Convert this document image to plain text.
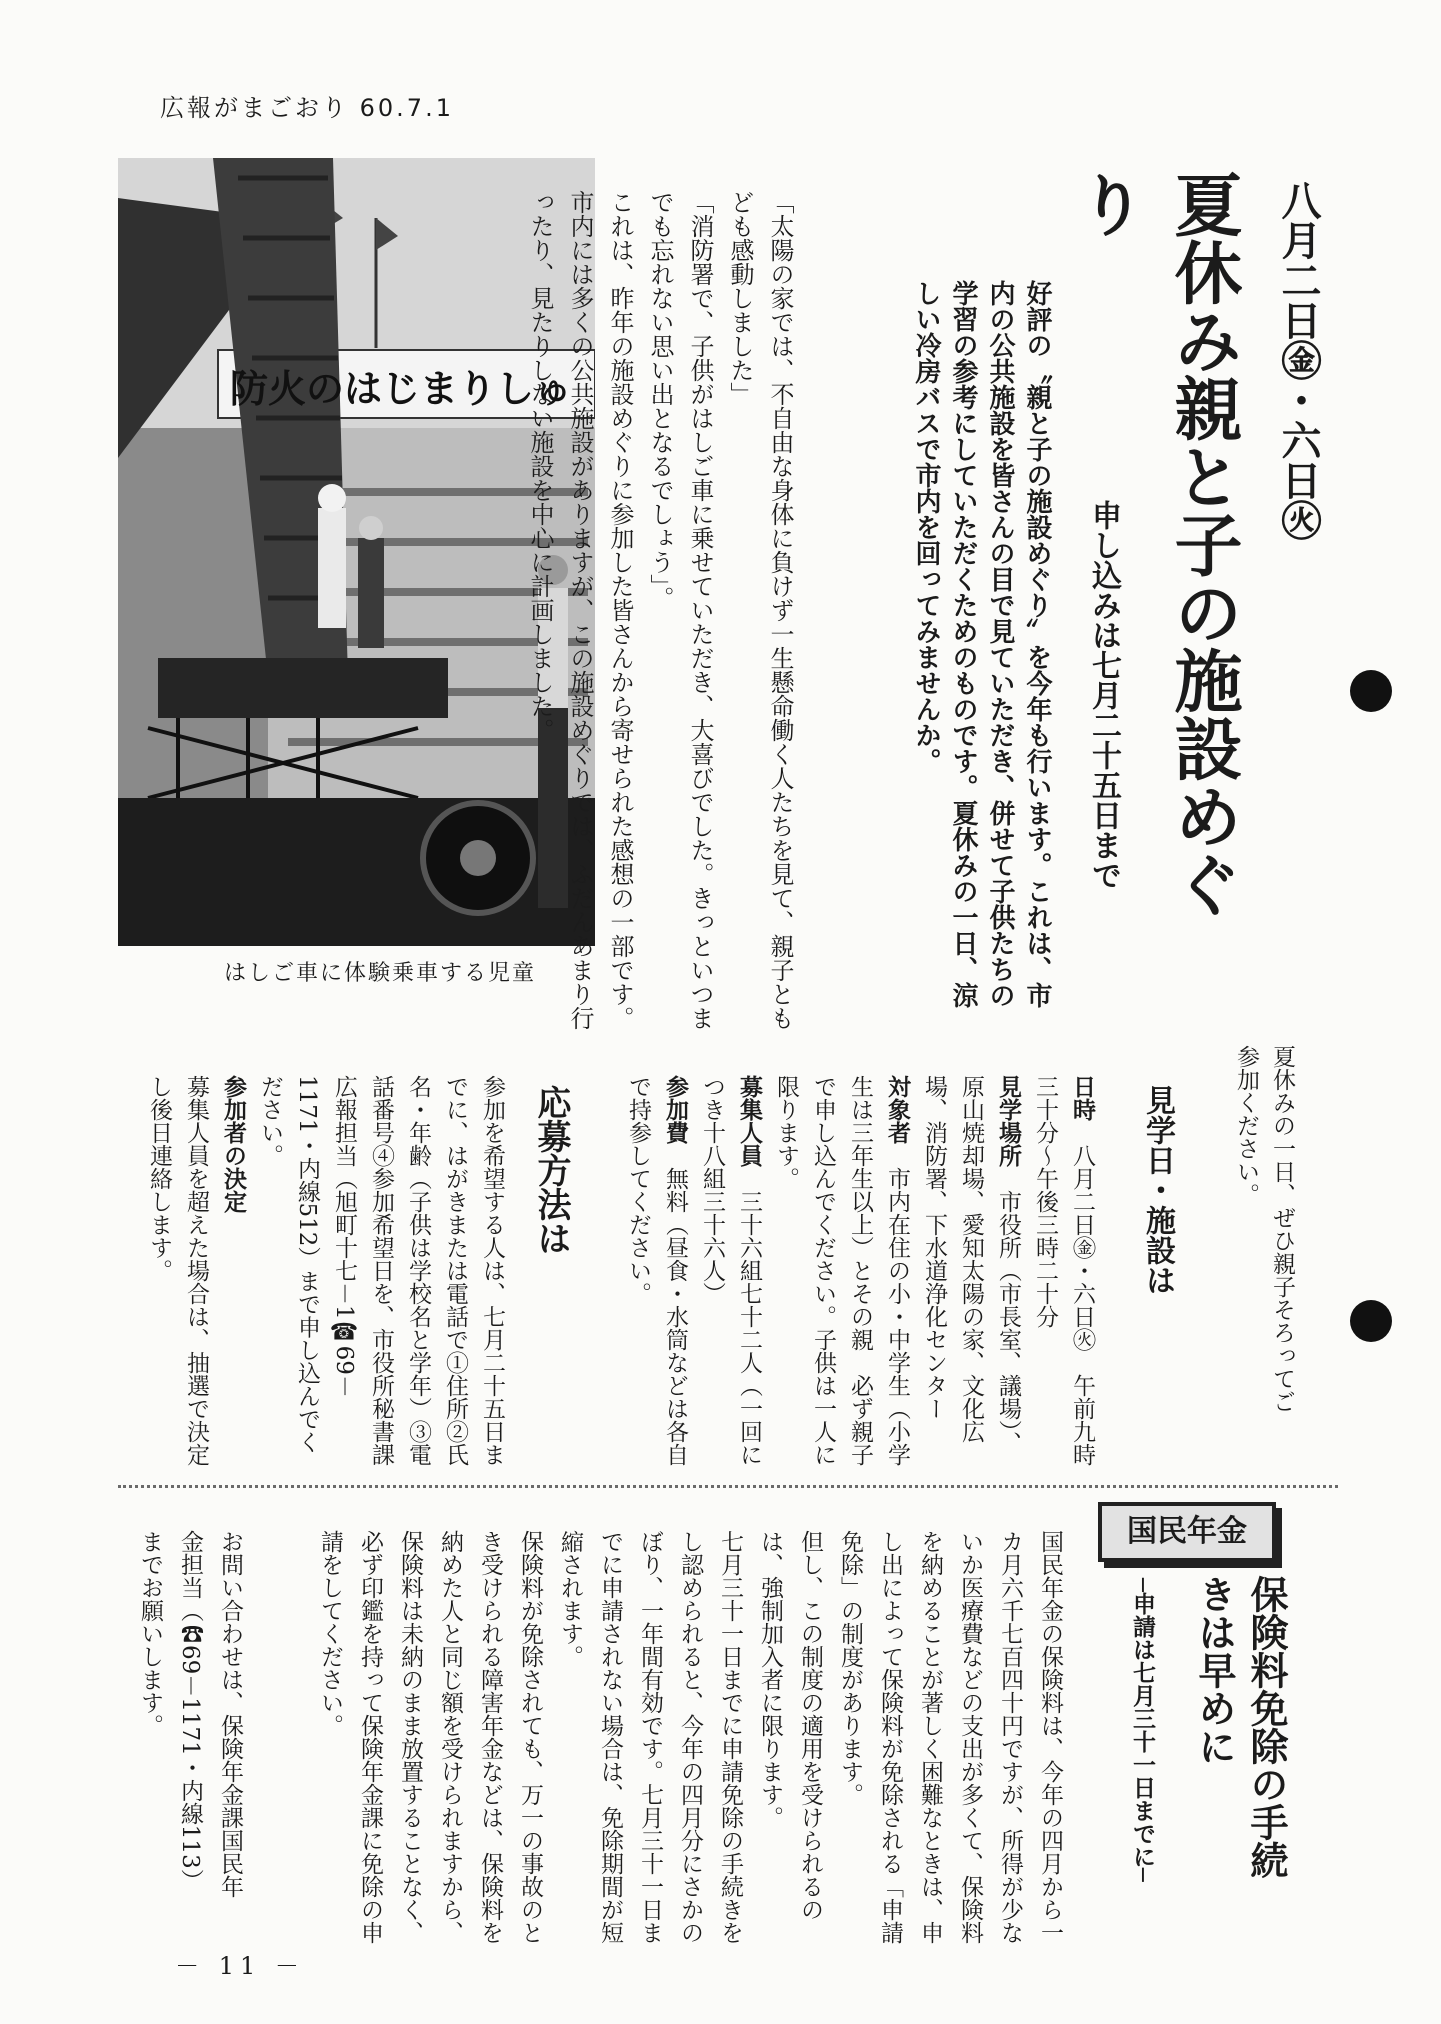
広報がまごおり 60.7.1
八月二日㊎・六日㊋
夏休み親と子の施設めぐり
申し込みは七月二十五日まで
好評の〝親と子の施設めぐり〟を今年も行います。これは、市内の公共施設を皆さんの目で見ていただき、併せて子供たちの学習の参考にしていただくためのものです。夏休みの一日、涼しい冷房バスで市内を回ってみませんか。
防火のはじまりしゅ
はしご車に体験乗車する児童	「太陽の家では、不自由な身体に負けず一生懸命働く人たちを見て、親子ともども感動しました」

「消防署で、子供がはしご車に乗せていただき、大喜びでした。きっといつまでも忘れない思い出となるでしょう」。

これは、昨年の施設めぐりに参加した皆さんから寄せられた感想の一部です。

市内には多くの公共施設がありますが、この施設めぐりでは、ふだんあまり行ったり、見たりしない施設を中心に計画しました。

夏休みの一日、ぜひ親子そろってご参加ください。

見学日・施設は

日時　八月二日㊎・六日㊋　午前九時三十分〜午後三時二十分

見学場所　市役所（市長室、議場）、原山焼却場、愛知太陽の家、文化広場、消防署、下水道浄化センター

対象者　市内在住の小・中学生（小学生は三年生以上）とその親　必ず親子で申し込んでください。子供は一人に限ります。

募集人員　三十六組七十二人（一回につき十八組三十六人）

参加費　無料（昼食・水筒などは各自で持参してください。

応募方法は

参加を希望する人は、七月二十五日までに、はがきまたは電話で①住所②氏名・年齢（子供は学校名と学年）③電話番号④参加希望日を、市役所秘書課広報担当（旭町十七－1☎69－1171・内線512）まで申し込んでください。

参加者の決定

募集人員を超えた場合は、抽選で決定し後日連絡します。

国民年金
保険料免除の手続きは早めに
─申請は七月三十一日までに─

国民年金の保険料は、今年の四月から一カ月六千七百四十円ですが、所得が少ないか医療費などの支出が多くて、保険料を納めることが著しく困難なときは、申し出によって保険料が免除される「申請免除」の制度があります。

但し、この制度の適用を受けられるのは、強制加入者に限ります。

七月三十一日までに申請免除の手続きをし認められると、今年の四月分にさかのぼり、一年間有効です。七月三十一日までに申請されない場合は、免除期間が短縮されます。

保険料が免除されても、万一の事故のとき受けられる障害年金などは、保険料を納めた人と同じ額を受けられますから、保険料は未納のまま放置することなく、必ず印鑑を持って保険年金課に免除の申請をしてください。

お問い合わせは、保険年金課国民年金担当（☎69－1171・内線113）までお願いします。
－ 11 －
